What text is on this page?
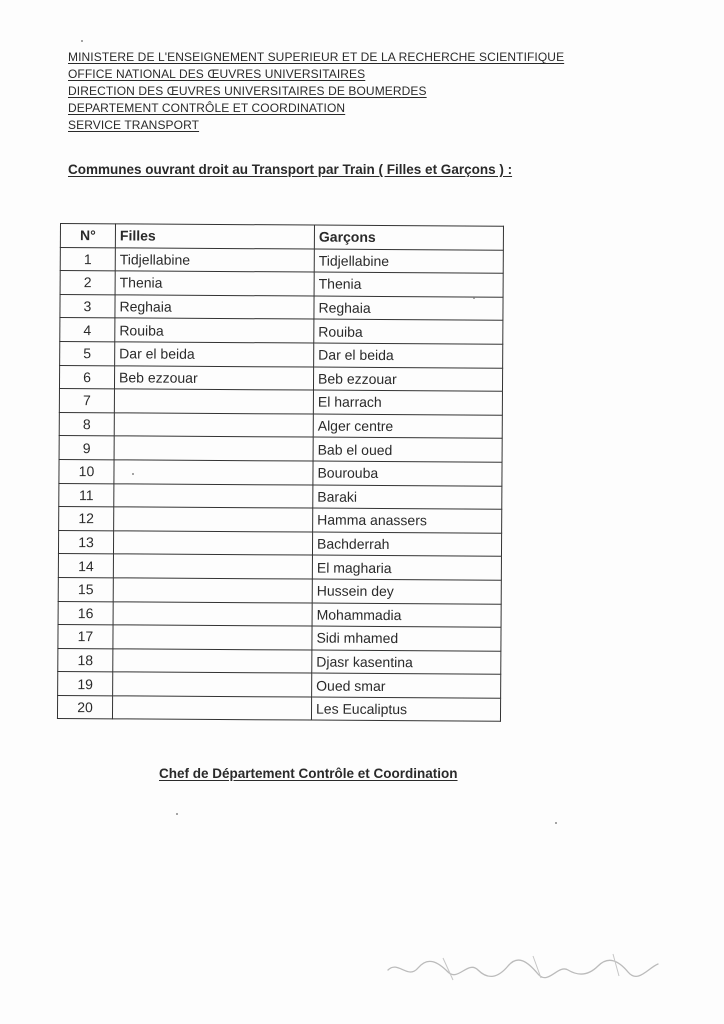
MINISTERE DE L'ENSEIGNEMENT SUPERIEUR ET DE LA RECHERCHE SCIENTIFIQUE
OFFICE NATIONAL DES ŒUVRES UNIVERSITAIRES
DIRECTION DES ŒUVRES UNIVERSITAIRES DE BOUMERDES
DEPARTEMENT CONTRÔLE ET COORDINATION
SERVICE TRANSPORT
Communes ouvrant droit au Transport par Train ( Filles et Garçons ) :
N°	Filles	Garçons
1	Tidjellabine	Tidjellabine
2	Thenia	Thenia
3	Reghaia	Reghaia
4	Rouiba	Rouiba
5	Dar el beida	Dar el beida
6	Beb ezzouar	Beb ezzouar
7		El harrach
8		Alger centre
9		Bab el oued
10		Bourouba
11		Baraki
12		Hamma anassers
13		Bachderrah
14		El magharia
15		Hussein dey
16		Mohammadia
17		Sidi mhamed
18		Djasr kasentina
19		Oued smar
20		Les Eucaliptus
Chef de Département Contrôle et Coordination
